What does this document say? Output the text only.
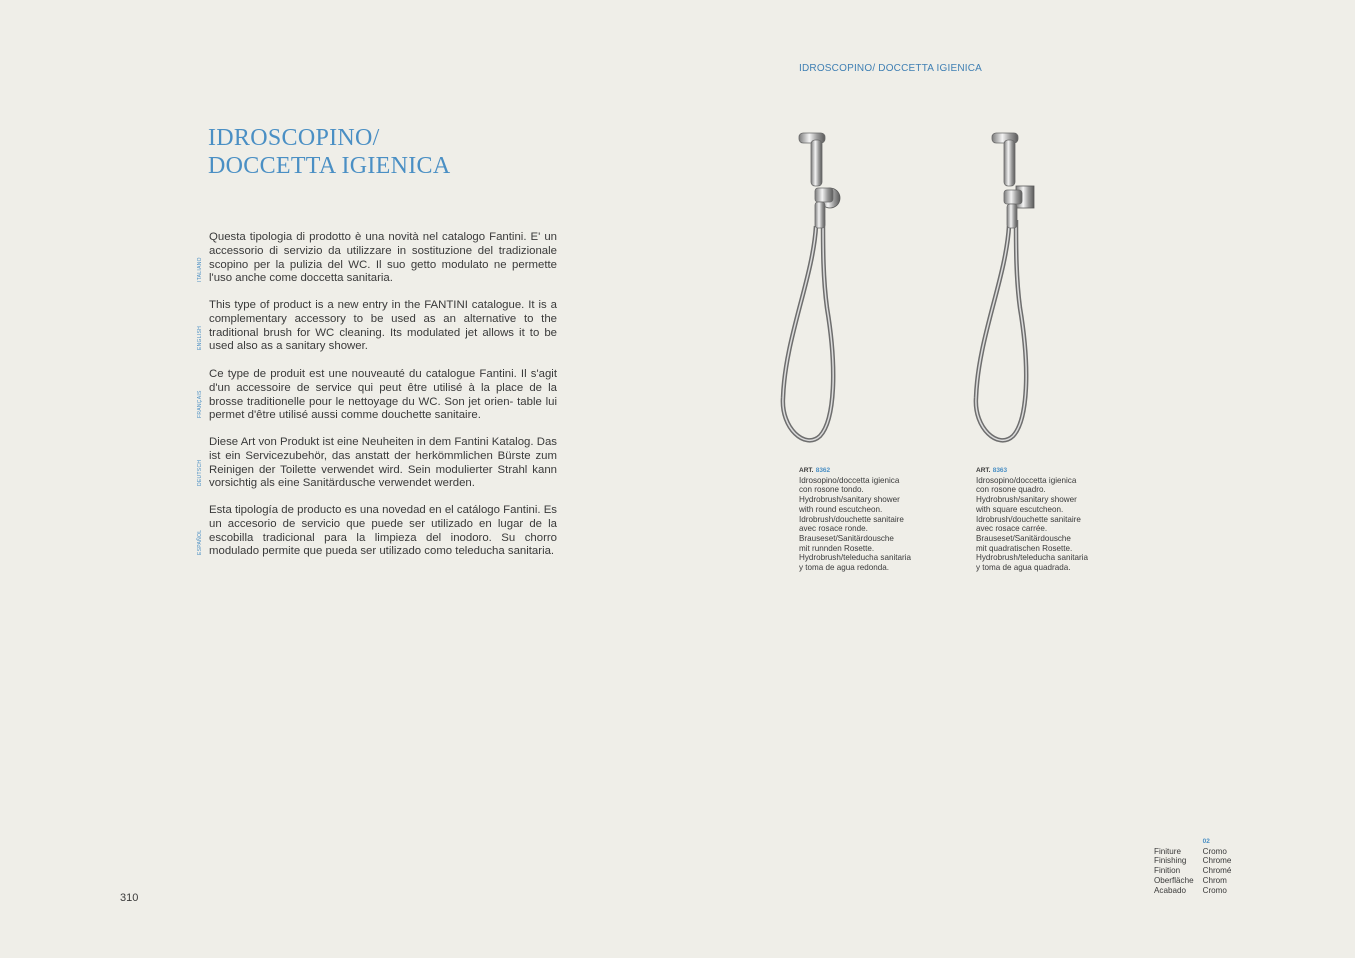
IDROSCOPINO/ DOCCETTA IGIENICA
IDROSCOPINO/
DOCCETTA IGIENICA
ITALIANO
Questa tipologia di prodotto è una novità nel catalogo Fantini. E' un accessorio di servizio da utilizzare in sostituzione del tradizionale scopino per la pulizia del WC. Il suo getto modulato ne permette l'uso anche come doccetta sanitaria.
ENGLISH
This type of product is a new entry in the FANTINI catalogue. It is a complementary accessory to be used as an alternative to the traditional brush for WC cleaning. Its modulated jet allows it to be used also as a sanitary shower.
FRANÇAIS
Ce type de produit est une nouveauté du catalogue Fantini. Il s'agit d'un accessoire de service qui peut être utilisé à la place de la brosse traditionelle pour le nettoyage du WC. Son jet orien- table lui permet d'être utilisé aussi comme douchette sanitaire.
DEUTSCH
Diese Art von Produkt ist eine Neuheiten in dem Fantini Katalog. Das ist ein Servicezubehör, das anstatt der herkömmlichen Bürste zum Reinigen der Toilette verwendet wird. Sein modulierter Strahl kann vorsichtig als eine Sanitärdusche verwendet werden.
ESPAÑOL
Esta tipología de producto es una novedad en el catálogo Fantini. Es un accesorio de servicio que puede ser utilizado en lugar de la escobilla tradicional para la limpieza del inodoro. Su chorro modulado permite que pueda ser utilizado como teleducha sanitaria.
ART. 8362
Idrosopino/doccetta igienica
con rosone tondo.
Hydrobrush/sanitary shower
with round escutcheon.
Idrobrush/douchette sanitaire
avec rosace ronde.
Brauseset/Sanitärdousche
mit runnden Rosette.
Hydrobrush/teleducha sanitaria
y toma de agua redonda.
ART. 8363
Idrosopino/doccetta igienica
con rosone quadro.
Hydrobrush/sanitary shower
with square escutcheon.
Idrobrush/douchette sanitaire
avec rosace carrée.
Brauseset/Sanitärdousche
mit quadratischen Rosette.
Hydrobrush/teleducha sanitaria
y toma de agua quadrada.
	02
Finiture	Cromo
Finishing	Chrome
Finition	Chromé
Oberfläche	Chrom
Acabado	Cromo
310
